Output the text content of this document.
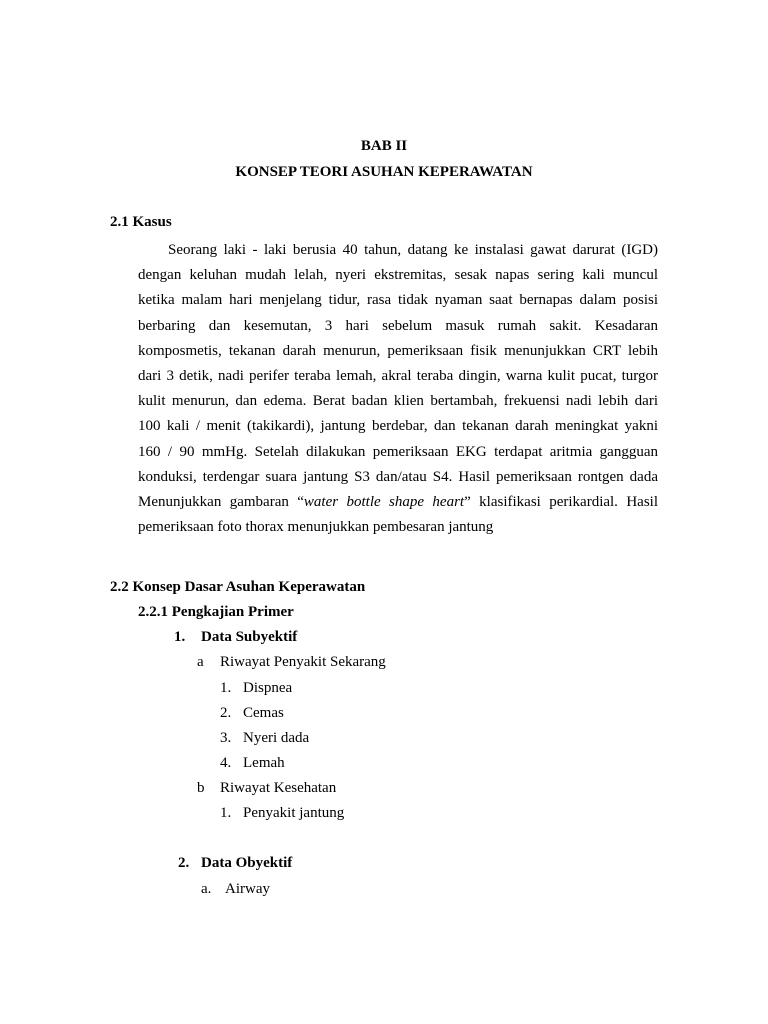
BAB II
KONSEP TEORI ASUHAN KEPERAWATAN
2.1 Kasus
Seorang laki - laki berusia 40 tahun, datang ke instalasi gawat darurat (IGD)
dengan keluhan mudah lelah, nyeri ekstremitas, sesak napas sering kali muncul
ketika malam hari menjelang tidur, rasa tidak nyaman saat bernapas dalam posisi
berbaring dan kesemutan, 3 hari sebelum masuk rumah sakit. Kesadaran
komposmetis, tekanan darah menurun, pemeriksaan fisik menunjukkan CRT lebih
dari 3 detik, nadi perifer teraba lemah, akral teraba dingin, warna kulit pucat, turgor
kulit menurun, dan edema. Berat badan klien bertambah, frekuensi nadi lebih dari
100 kali / menit (takikardi), jantung berdebar, dan tekanan darah meningkat yakni
160 / 90 mmHg. Setelah dilakukan pemeriksaan EKG terdapat aritmia gangguan
konduksi, terdengar suara jantung S3 dan/atau S4. Hasil pemeriksaan rontgen dada
Menunjukkan gambaran “water bottle shape heart” klasifikasi perikardial. Hasil
pemeriksaan foto thorax menunjukkan pembesaran jantung
2.2 Konsep Dasar Asuhan Keperawatan
2.2.1 Pengkajian Primer
1. Data Subyektif
a Riwayat Penyakit Sekarang
1. Dispnea
2. Cemas
3. Nyeri dada
4. Lemah
b Riwayat Kesehatan
1. Penyakit jantung
2. Data Obyektif
a. Airway
